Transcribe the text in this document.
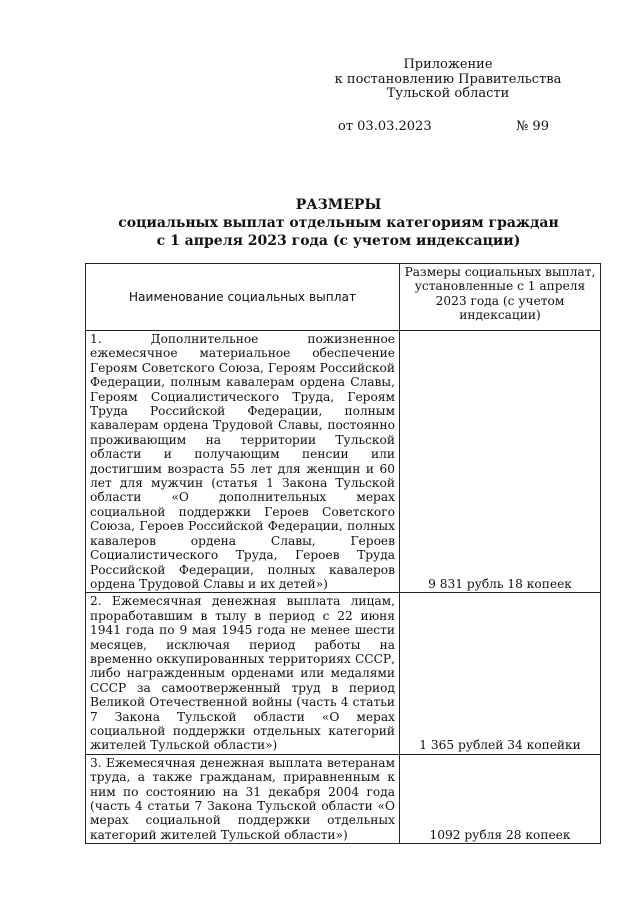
Приложение
к постановлению Правительства
Тульской области
от 03.03.2023	№ 99
РАЗМЕРЫ
социальных выплат отдельным категориям граждан
с 1 апреля 2023 года (с учетом индексации)
Наименование социальных выплат	Размеры социальных выплат, установленные с 1 апреля 2023 года (с учетом индексации)
1. Дополнительное пожизненное ежемесячное материальное обеспечение Героям Советского Союза, Героям Российской Федерации, полным кавалерам ордена Славы, Героям Социалистического Труда, Героям Труда Российской Федерации, полным кавалерам ордена Трудовой Славы, постоянно проживающим на территории Тульской области и получающим пенсии или достигшим возраста 55 лет для женщин и 60 лет для мужчин (статья 1 Закона Тульской области «О дополнительных мерах социальной поддержки Героев Советского Союза, Героев Российской Федерации, полных кавалеров ордена Славы, Героев Социалистического Труда, Героев Труда Российской Федерации, полных кавалеров ордена Трудовой Славы и их детей»)	9 831 рубль 18 копеек
2. Ежемесячная денежная выплата лицам, проработавшим в тылу в период с 22 июня 1941 года по 9 мая 1945 года не менее шести месяцев, исключая период работы на временно оккупированных территориях СССР, либо награжденным орденами или медалями СССР за самоотверженный труд в период Великой Отечественной войны (часть 4 статьи 7 Закона Тульской области «О мерах социальной поддержки отдельных категорий жителей Тульской области»)	1 365 рублей 34 копейки
3. Ежемесячная денежная выплата ветеранам труда, а также гражданам, приравненным к ним по состоянию на 31 декабря 2004 года (часть 4 статьи 7 Закона Тульской области «О мерах социальной поддержки отдельных категорий жителей Тульской области»)	1092 рубля 28 копеек
